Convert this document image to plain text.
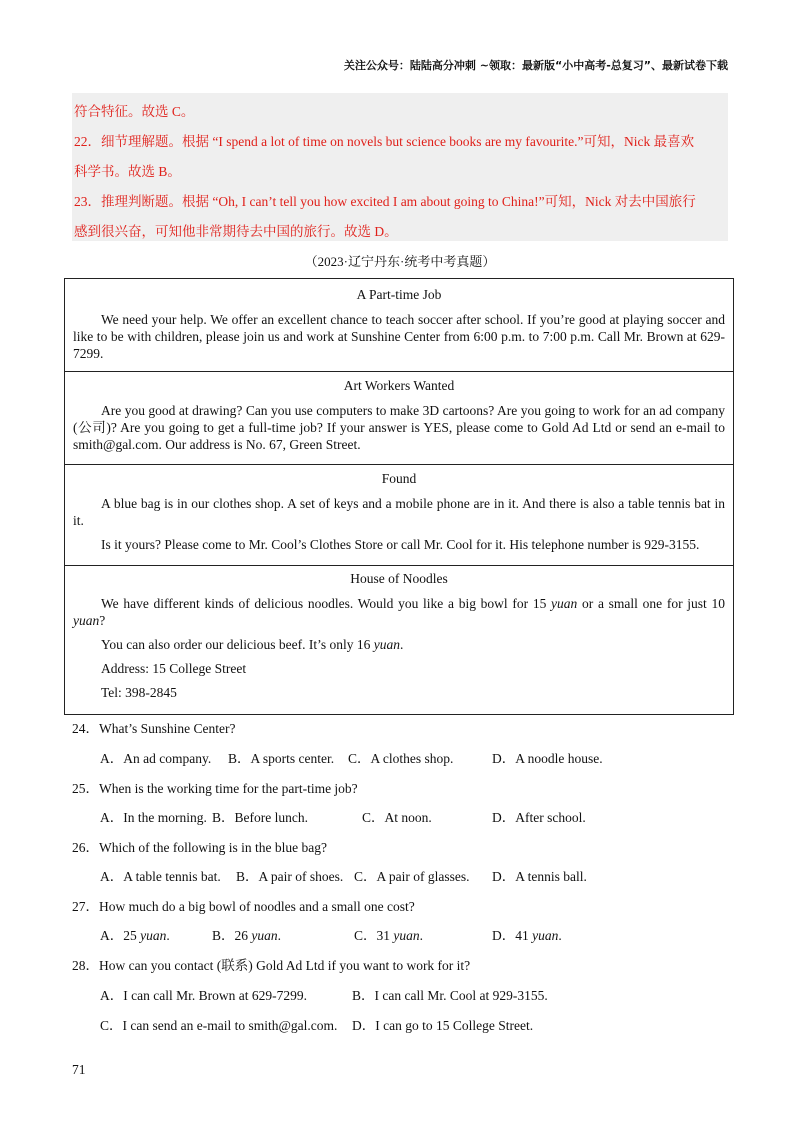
关注公众号：陆陆高分冲刺 ~领取：最新版“小中高考-总复习”、最新试卷下载
符合特征。故选 C。
22．细节理解题。根据 “I spend a lot of time on novels but science books are my favourite.”可知，Nick 最喜欢
科学书。故选 B。
23．推理判断题。根据 “Oh, I can’t tell you how excited I am about going to China!”可知，Nick 对去中国旅行
感到很兴奋，可知他非常期待去中国的旅行。故选 D。
（2023·辽宁丹东·统考中考真题）
A Part-time Job
We need your help. We offer an excellent chance to teach soccer after school. If you’re good at playing soccer and like to be with children, please join us and work at Sunshine Center from 6:00 p.m. to 7:00 p.m. Call Mr. Brown at 629-7299.
Art Workers Wanted
Are you good at drawing? Can you use computers to make 3D cartoons? Are you going to work for an ad company (公司)? Are you going to get a full-time job? If your answer is YES, please come to Gold Ad Ltd or send an e-mail to smith@gal.com. Our address is No. 67, Green Street.
Found
A blue bag is in our clothes shop. A set of keys and a mobile phone are in it. And there is also a table tennis bat in it.
Is it yours? Please come to Mr. Cool’s Clothes Store or call Mr. Cool for it. His telephone number is 929-3155.
House of Noodles
We have different kinds of delicious noodles. Would you like a big bowl for 15 yuan or a small one for just 10 yuan?
You can also order our delicious beef. It’s only 16 yuan.
Address: 15 College Street
Tel: 398-2845
24．What’s Sunshine Center?
A．An ad company. B．A sports center. C．A clothes shop.	D．A noodle house.
25．When is the working time for the part-time job?
A．In the morning. B．Before lunch.	C．At noon.	D．After school.
26．Which of the following is in the blue bag?
A．A table tennis bat. B．A pair of shoes. C．A pair of glasses. D．A tennis ball.
27．How much do a big bowl of noodles and a small one cost?
A．25 yuan.	B．26 yuan.	C．31 yuan.	D．41 yuan.
28．How can you contact (联系) Gold Ad Ltd if you want to work for it?
A．I can call Mr. Brown at 629-7299.	B．I can call Mr. Cool at 929-3155.
C．I can send an e-mail to smith@gal.com. D．I can go to 15 College Street.
71
